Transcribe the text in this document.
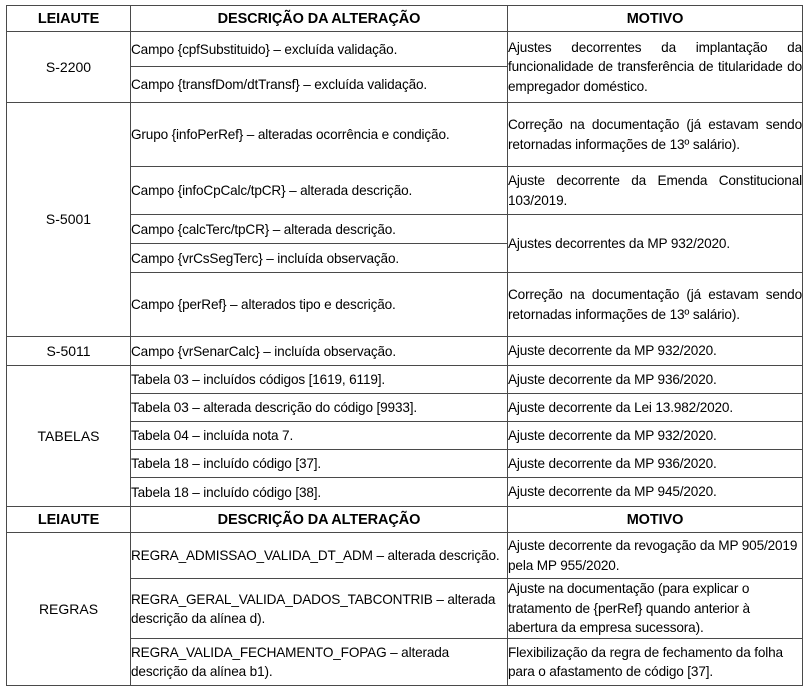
LEIAUTE	DESCRIÇÃO DA ALTERAÇÃO	MOTIVO
S-2200	Campo {cpfSubstituido} – excluída validação.	Ajustes decorrentes da implantação da funcionalidade de transferência de titularidade do empregador doméstico.
	Campo {transfDom/dtTransf} – excluída validação.	
S-5001	Grupo {infoPerRef} – alteradas ocorrência e condição.	Correção na documentação (já estavam sendo retornadas informações de 13º salário).
	Campo {infoCpCalc/tpCR} – alterada descrição.	Ajuste decorrente da Emenda Constitucional 103/2019.
	Campo {calcTerc/tpCR} – alterada descrição.	Ajustes decorrentes da MP 932/2020.
	Campo {vrCsSegTerc} – incluída observação.	
	Campo {perRef} – alterados tipo e descrição.	Correção na documentação (já estavam sendo retornadas informações de 13º salário).
S-5011	Campo {vrSenarCalc} – incluída observação.	Ajuste decorrente da MP 932/2020.
TABELAS	Tabela 03 – incluídos códigos [1619, 6119].	Ajuste decorrente da MP 936/2020.
	Tabela 03 – alterada descrição do código [9933].	Ajuste decorrente da Lei 13.982/2020.
	Tabela 04 – incluída nota 7.	Ajuste decorrente da MP 932/2020.
	Tabela 18 – incluído código [37].	Ajuste decorrente da MP 936/2020.
	Tabela 18 – incluído código [38].	Ajuste decorrente da MP 945/2020.
LEIAUTE	DESCRIÇÃO DA ALTERAÇÃO	MOTIVO
REGRAS	REGRA_ADMISSAO_VALIDA_DT_ADM – alterada descrição.	Ajuste decorrente da revogação da MP 905/2019 pela MP 955/2020.
	REGRA_GERAL_VALIDA_DADOS_TABCONTRIB – alterada descrição da alínea d).	Ajuste na documentação (para explicar o tratamento de {perRef} quando anterior à abertura da empresa sucessora).
	REGRA_VALIDA_FECHAMENTO_FOPAG – alterada descrição da alínea b1).	Flexibilização da regra de fechamento da folha para o afastamento de código [37].
